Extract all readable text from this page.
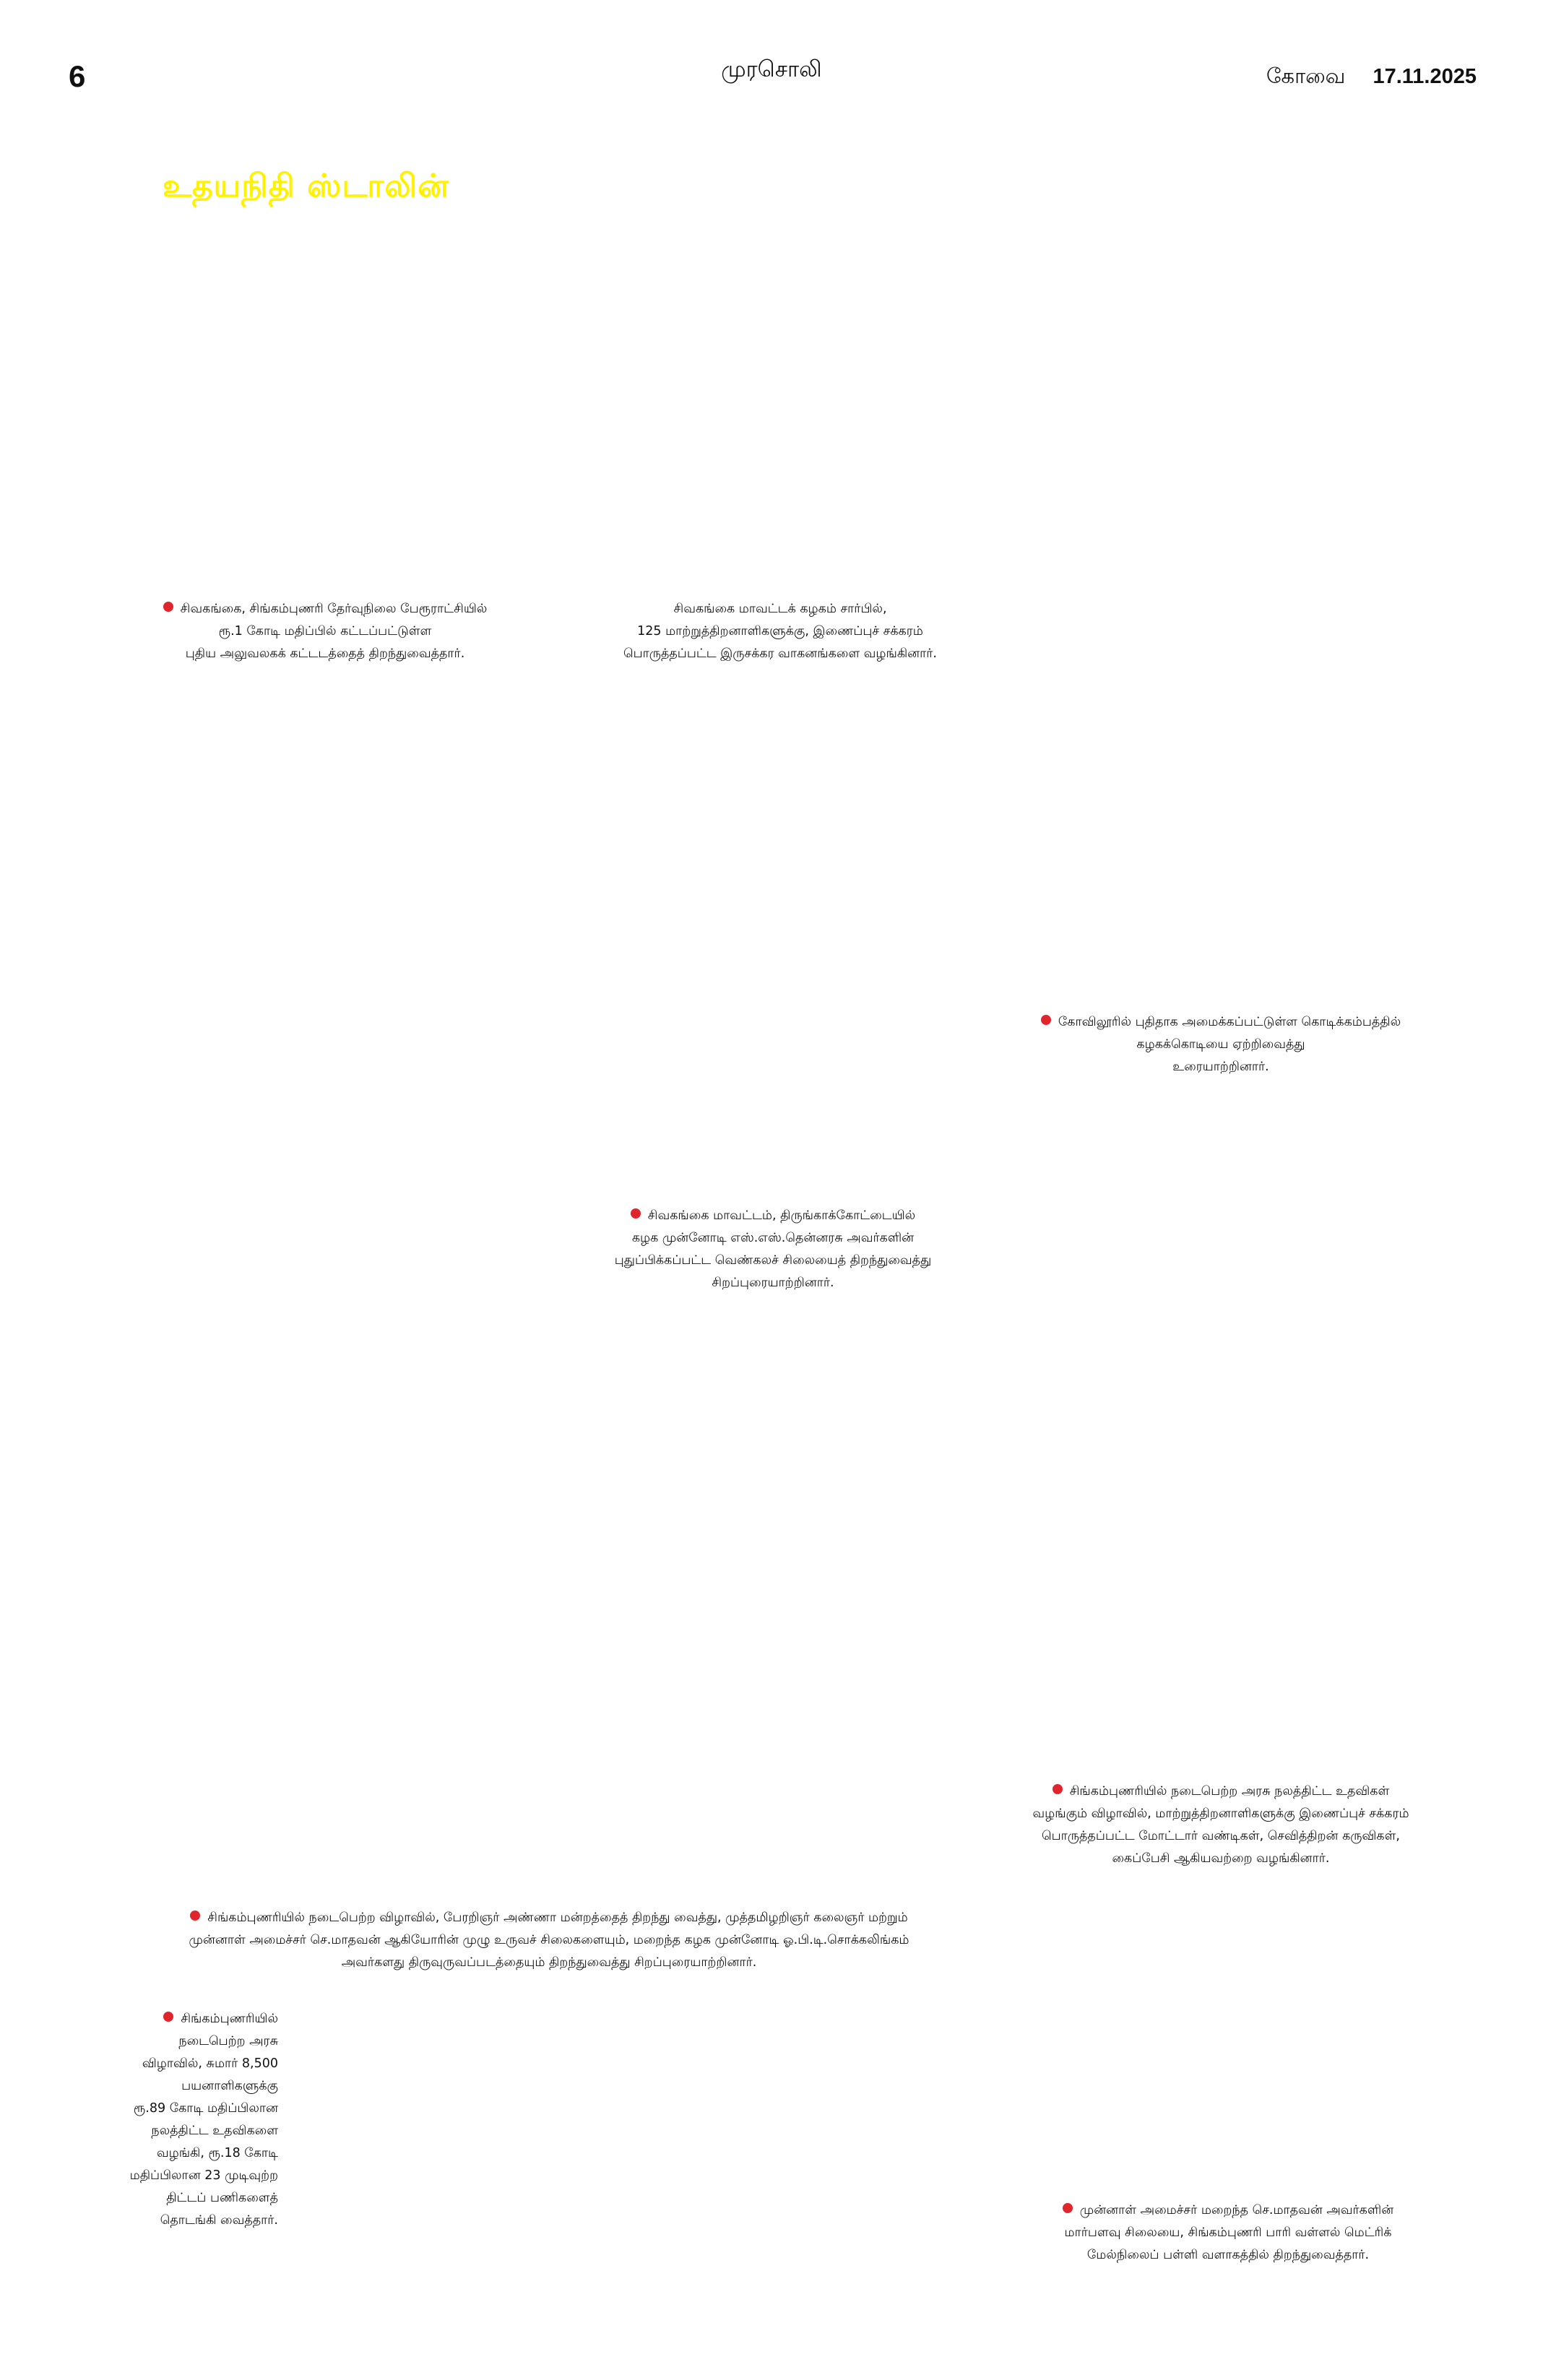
6	முரசொலி	கோவை 17.11.2025
உதயநிதி ஸ்டாலின்
சிவகங்கை, சிங்கம்புணரி தேர்வுநிலை பேரூராட்சியில்
ரூ.1 கோடி மதிப்பில் கட்டப்பட்டுள்ள
புதிய அலுவலகக் கட்டடத்தைத் திறந்துவைத்தார்.
சிவகங்கை மாவட்டக் கழகம் சார்பில்,
125 மாற்றுத்திறனாளிகளுக்கு, இணைப்புச் சக்கரம்
பொருத்தப்பட்ட இருசக்கர வாகனங்களை வழங்கினார்.
கோவிலூரில் புதிதாக அமைக்கப்பட்டுள்ள கொடிக்கம்பத்தில்
கழகக்கொடியை ஏற்றிவைத்து
உரையாற்றினார்.
சிவகங்கை மாவட்டம், திருங்காக்கோட்டையில்
கழக முன்னோடி எஸ்.எஸ்.தென்னரசு அவர்களின்
புதுப்பிக்கப்பட்ட வெண்கலச் சிலையைத் திறந்துவைத்து
சிறப்புரையாற்றினார்.
சிங்கம்புணரியில் நடைபெற்ற அரசு நலத்திட்ட உதவிகள்
வழங்கும் விழாவில், மாற்றுத்திறனாளிகளுக்கு இணைப்புச் சக்கரம்
பொருத்தப்பட்ட மோட்டார் வண்டிகள், செவித்திறன் கருவிகள்,
கைப்பேசி ஆகியவற்றை வழங்கினார்.
சிங்கம்புணரியில் நடைபெற்ற விழாவில், பேரறிஞர் அண்ணா மன்றத்தைத் திறந்து வைத்து, முத்தமிழறிஞர் கலைஞர் மற்றும்
முன்னாள் அமைச்சர் செ.மாதவன் ஆகியோரின் முழு உருவச் சிலைகளையும், மறைந்த கழக முன்னோடி ஓ.பி.டி.சொக்கலிங்கம்
அவர்களது திருவுருவப்படத்தையும் திறந்துவைத்து சிறப்புரையாற்றினார்.
சிங்கம்புணரியில்
நடைபெற்ற அரசு
விழாவில், சுமார் 8,500
பயனாளிகளுக்கு
ரூ.89 கோடி மதிப்பிலான
நலத்திட்ட உதவிகளை
வழங்கி, ரூ.18 கோடி
மதிப்பிலான 23 முடிவுற்ற
திட்டப் பணிகளைத்
தொடங்கி வைத்தார்.
முன்னாள் அமைச்சர் மறைந்த செ.மாதவன் அவர்களின்
மார்பளவு சிலையை, சிங்கம்புணரி பாரி வள்ளல் மெட்ரிக்
மேல்நிலைப் பள்ளி வளாகத்தில் திறந்துவைத்தார்.
